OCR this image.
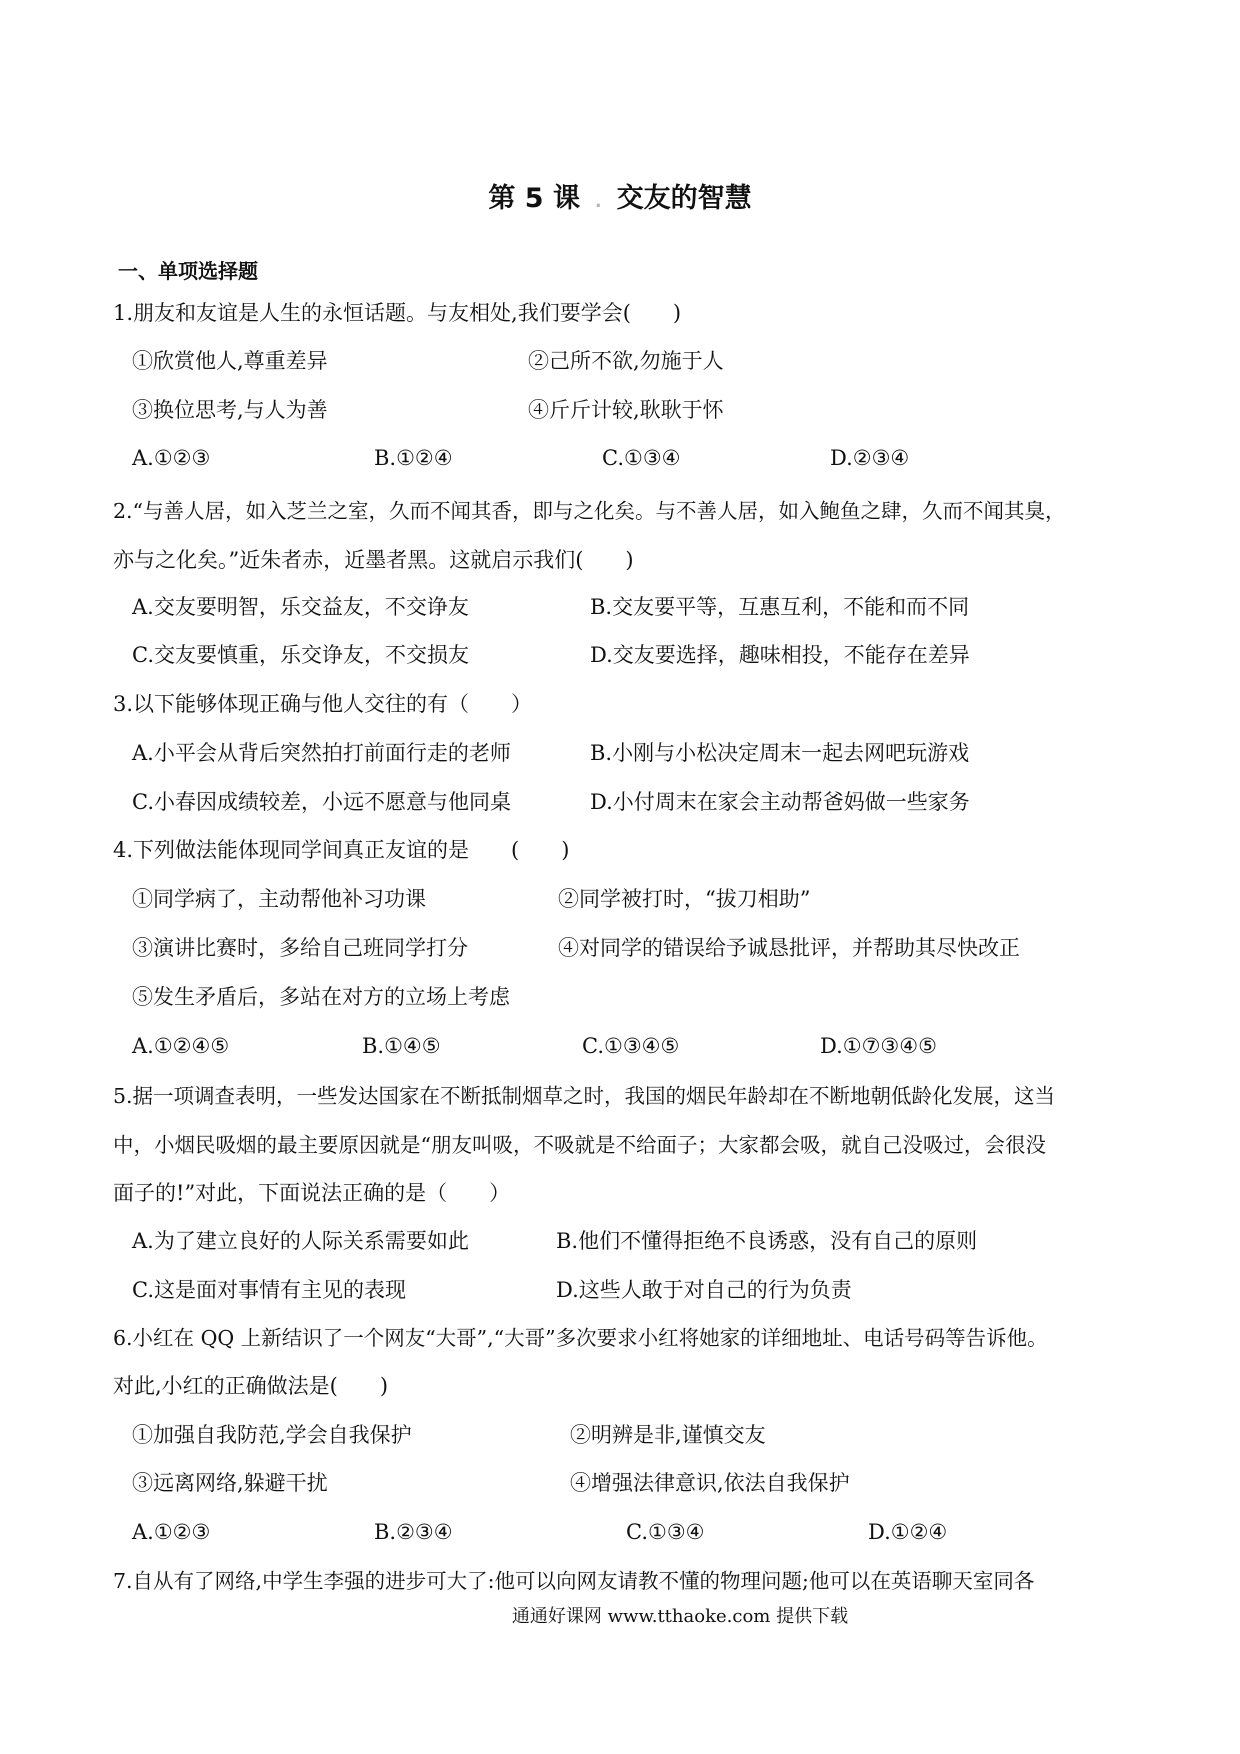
第 5 课 . 交友的智慧
一、单项选择题
1.朋友和友谊是人生的永恒话题。与友相处,我们要学会(　　)
①欣赏他人,尊重差异	②己所不欲,勿施于人
③换位思考,与人为善	④斤斤计较,耿耿于怀
A.①②③	B.①②④	C.①③④	D.②③④
2.“与善人居，如入芝兰之室，久而不闻其香，即与之化矣。与不善人居，如入鲍鱼之肆，久而不闻其臭，
亦与之化矣。”近朱者赤，近墨者黑。这就启示我们(　　)
A.交友要明智，乐交益友，不交诤友	B.交友要平等，互惠互利，不能和而不同
C.交友要慎重，乐交诤友，不交损友	D.交友要选择，趣味相投，不能存在差异
3.以下能够体现正确与他人交往的有（　　）
A.小平会从背后突然拍打前面行走的老师	B.小刚与小松决定周末一起去网吧玩游戏
C.小春因成绩较差，小远不愿意与他同桌	D.小付周末在家会主动帮爸妈做一些家务
4.下列做法能体现同学间真正友谊的是　　(　　)
①同学病了，主动帮他补习功课	②同学被打时，“拔刀相助”
③演讲比赛时，多给自己班同学打分	④对同学的错误给予诚恳批评，并帮助其尽快改正
⑤发生矛盾后，多站在对方的立场上考虑
A.①②④⑤	B.①④⑤	C.①③④⑤	D.①⑦③④⑤
5.据一项调查表明，一些发达国家在不断抵制烟草之时，我国的烟民年龄却在不断地朝低龄化发展，这当
中，小烟民吸烟的最主要原因就是“朋友叫吸，不吸就是不给面子；大家都会吸，就自己没吸过，会很没
面子的!”对此，下面说法正确的是（　　）
A.为了建立良好的人际关系需要如此	B.他们不懂得拒绝不良诱惑，没有自己的原则
C.这是面对事情有主见的表现	D.这些人敢于对自己的行为负责
6.小红在 QQ 上新结识了一个网友“大哥”,“大哥”多次要求小红将她家的详细地址、电话号码等告诉他。
对此,小红的正确做法是(　　)
①加强自我防范,学会自我保护	②明辨是非,谨慎交友
③远离网络,躲避干扰	④增强法律意识,依法自我保护
A.①②③	B.②③④	C.①③④	D.①②④
7.自从有了网络,中学生李强的进步可大了:他可以向网友请教不懂的物理问题;他可以在英语聊天室同各
通通好课网 www.tthaoke.com 提供下载
